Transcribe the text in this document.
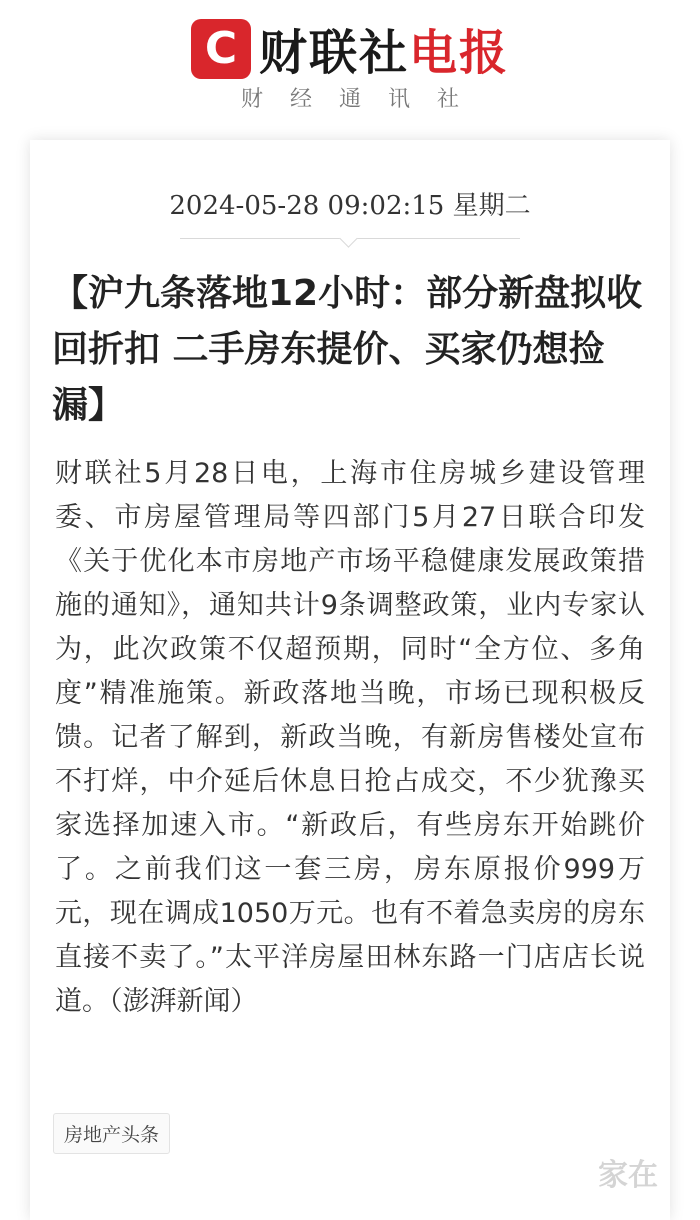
C 财联社电报
财经通讯社
2024-05-28 09:02:15 星期二
【沪九条落地12小时：部分新盘拟收回折扣 二手房东提价、买家仍想捡漏】

财联社5月28日电，上海市住房城乡建设管理委、市房屋管理局等四部门5月27日联合印发《关于优化本市房地产市场平稳健康发展政策措施的通知》，通知共计9条调整政策，业内专家认为，此次政策不仅超预期，同时“全方位、多角度”精准施策。新政落地当晚，市场已现积极反馈。记者了解到，新政当晚，有新房售楼处宣布不打烊，中介延后休息日抢占成交，不少犹豫买家选择加速入市。“新政后，有些房东开始跳价了。之前我们这一套三房，房东原报价999万元，现在调成1050万元。也有不着急卖房的房东直接不卖了。”太平洋房屋田林东路一门店店长说道。（澎湃新闻）

房地产头条
家在
